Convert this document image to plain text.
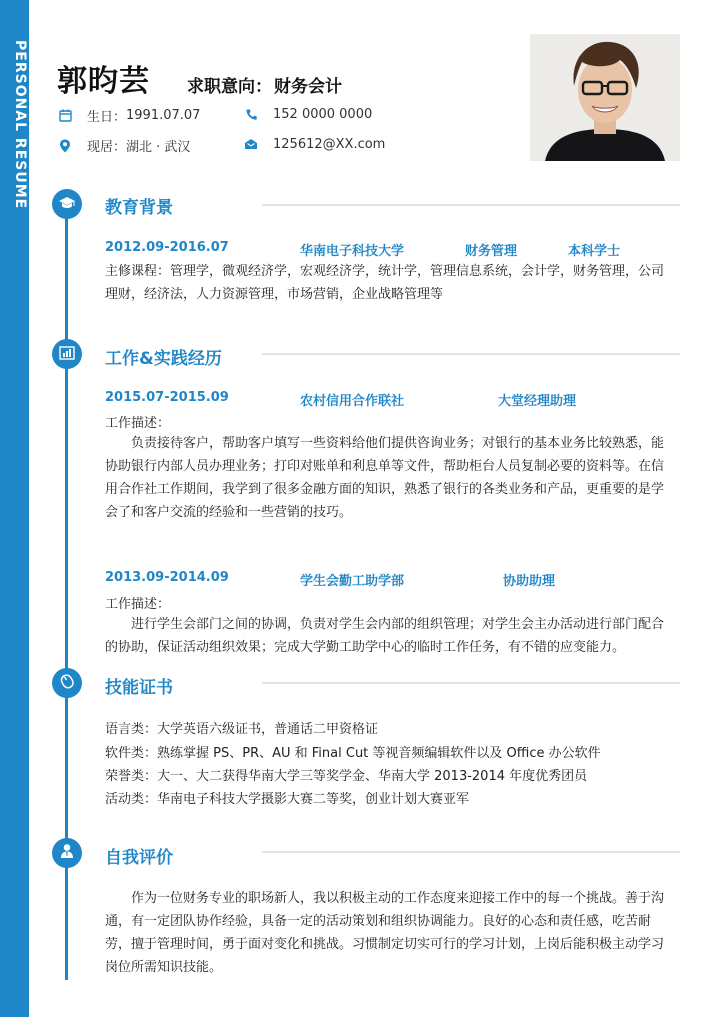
PERSONAL RESUME 郭昀芸 求职意向： 财务会计
生日： 1991.07.07	152 0000 0000
现居： 湖北 · 武汉	125612@XX.com
教育背景
2012.09-2016.07	华南电子科技大学	财务管理	本科学士
主修课程：管理学，微观经济学，宏观经济学，统计学，管理信息系统，会计学，财务管理，公司理财，经济法，人力资源管理，市场营销，企业战略管理等
工作&实践经历
2015.07-2015.09	农村信用合作联社	大堂经理助理
工作描述：
负责接待客户，帮助客户填写一些资料给他们提供咨询业务；对银行的基本业务比较熟悉，能协助银行内部人员办理业务；打印对账单和利息单等文件，帮助柜台人员复制必要的资料等。在信用合作社工作期间，我学到了很多金融方面的知识，熟悉了银行的各类业务和产品，更重要的是学会了和客户交流的经验和一些营销的技巧。
2013.09-2014.09	学生会勤工助学部	协助助理
工作描述：
进行学生会部门之间的协调，负责对学生会内部的组织管理；对学生会主办活动进行部门配合的协助，保证活动组织效果；完成大学勤工助学中心的临时工作任务，有不错的应变能力。
技能证书
语言类：大学英语六级证书，普通话二甲资格证
软件类：熟练掌握 PS、PR、AU 和 Final Cut 等视音频编辑软件以及 Office 办公软件
荣誉类：大一、大二获得华南大学三等奖学金、华南大学 2013-2014 年度优秀团员
活动类：华南电子科技大学摄影大赛二等奖，创业计划大赛亚军
自我评价
作为一位财务专业的职场新人，我以积极主动的工作态度来迎接工作中的每一个挑战。善于沟通，有一定团队协作经验，具备一定的活动策划和组织协调能力。良好的心态和责任感，吃苦耐劳，擅于管理时间，勇于面对变化和挑战。习惯制定切实可行的学习计划，上岗后能积极主动学习岗位所需知识技能。
